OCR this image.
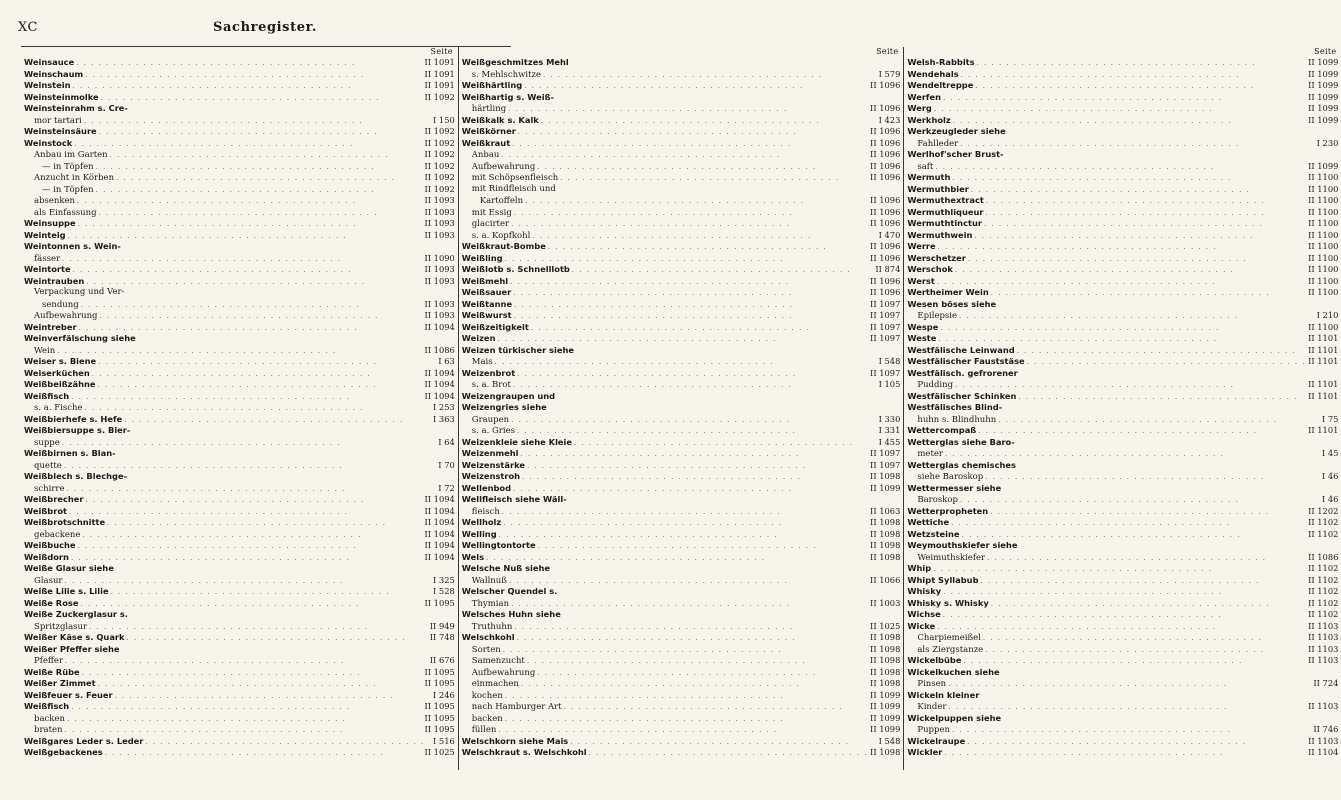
XC	Sachregister.
Seite
Weinsauce . . .	II 1091
Weinschaum . . .	II 1091
Weinstein . . .	II 1091
Weinsteinmolke . . .	II 1092
Weinsteinrahm s. Cre-
mor tartari . . .	I 150
Weinsteinsäure . . .	II 1092
Weinstock . . .	II 1092
Anbau im Garten . . .	II 1092
— in Töpfen . . .	II 1092
Anzucht in Körben . . .	II 1092
— in Töpfen . . .	II 1092
absenken . . .	II 1093
als Einfassung . . .	II 1093
Weinsuppe . . .	II 1093
Weinteig . . .	II 1093
Weintonnen s. Wein-
fässer . . .	II 1090
Weintorte . . .	II 1093
Weintrauben . . .	II 1093
Verpackung und Ver-
sendung . . .	II 1093
Aufbewahrung . . .	II 1093
Weintreber . . .	II 1094
Weinverfälschung siehe
Wein . . .	II 1086
Weiser s. Biene . . .	I 63
Weiserküchen . . .	II 1094
Weißbeißzähne . . .	II 1094
Weißfisch . . .	II 1094
s. a. Fische . . .	I 253
Weißbierhefe s. Hefe . . .	I 363
Weißbiersuppe s. Bier-
suppe . . .	I 64
Weißbirnen s. Blan-
quette . . .	I 70
Weißblech s. Blechge-
schirre . . .	I 72
Weißbrecher . . .	II 1094
Weißbrot . . .	II 1094
Weißbrotschnitte . . .	II 1094
gebackene . . .	II 1094
Weißbuche . . .	II 1094
Weißdorn . . .	II 1094
Weiße Glasur siehe
Glasur . . .	I 325
Weiße Lilie s. Lilie . . .	I 528
Weiße Rose . . .	II 1095
Weiße Zuckerglasur s.
Spritzglasur . . .	II 949
Weißer Käse s. Quark . . .	II 748
Weißer Pfeffer siehe
Pfeffer . . .	II 676
Weiße Rübe . . .	II 1095
Weißer Zimmet . . .	II 1095
Weißfeuer s. Feuer . . .	I 246
Weißfisch . . .	II 1095
backen . . .	II 1095
braten . . .	II 1095
Weißgares Leder s. Leder . . .	I 516
Weißgebackenes . . .	II 1025
Seite
Weißgeschmitzes Mehl
s. Mehlschwitze . . .	I 579
Weißhärtling . . .	II 1096
Weißhartig s. Weiß-
härtling . . .	II 1096
Weißkalk s. Kalk . . .	I 423
Weißkörner . . .	II 1096
Weißkraut . . .	II 1096
Anbau . . .	II 1096
Aufbewahrung . . .	II 1096
mit Schöpsenfleisch . . .	II 1096
mit Rindfleisch und
Kartoffeln . . .	II 1096
mit Essig . . .	II 1096
glacirter . . .	II 1096
s. a. Kopfkohl . . .	I 470
Weißkraut-Bombe . . .	II 1096
Weißling . . .	II 1096
Weißlotb s. Schnelllotb . . .	II 874
Weißmehl . . .	II 1096
Weißsauer . . .	II 1096
Weißtanne . . .	II 1097
Weißwurst . . .	II 1097
Weißzeitigkeit . . .	II 1097
Weizen . . .	II 1097
Weizen türkischer siehe
Mais . . .	I 548
Weizenbrot . . .	II 1097
s. a. Brot . . .	I 105
Weizengraupen und
Weizengries siehe
Graupen . . .	I 330
s. a. Gries . . .	I 331
Weizenkleie siehe Kleie . . .	I 455
Weizenmehl . . .	II 1097
Weizenstärke . . .	II 1097
Weizenstroh . . .	II 1098
Wellenbod . . .	II 1099
Wellfleisch siehe Wäll-
fleisch . . .	II 1063
Wellholz . . .	II 1098
Welling . . .	II 1098
Wellingtontorte . . .	II 1098
Wels . . .	II 1098
Welsche Nuß siehe
Wallnuß . . .	II 1066
Welscher Quendel s.
Thymian . . .	II 1003
Welsches Huhn siehe
Truthuhn . . .	II 1025
Welschkohl . . .	II 1098
Sorten . . .	II 1098
Samenzucht . . .	II 1098
Aufbewahrung . . .	II 1098
einmachen . . .	II 1098
kochen . . .	II 1099
nach Hamburger Art . . .	II 1099
backen . . .	II 1099
füllen . . .	II 1099
Welschkorn siehe Mais . . .	I 548
Welschkraut s. Welschkohl . . .	II 1098
Seite
Welsh-Rabbits . . .	II 1099
Wendehals . . .	II 1099
Wendeltreppe . . .	II 1099
Werfen . . .	II 1099
Werg . . .	II 1099
Werkholz . . .	II 1099
Werkzeugleder siehe
Fahlleder . . .	I 230
Werlhof'scher Brust-
saft . . .	II 1099
Wermuth . . .	II 1100
Wermuthbier . . .	II 1100
Wermuthextract . . .	II 1100
Wermuthliqueur . . .	II 1100
Wermuthtinctur . . .	II 1100
Wermuthwein . . .	II 1100
Werre . . .	II 1100
Werschetzer . . .	II 1100
Werschok . . .	II 1100
Werst . . .	II 1100
Wertheimer Wein . . .	II 1100
Wesen böses siehe
Epilepsie . . .	I 210
Wespe . . .	II 1100
Weste . . .	II 1101
Westfälische Leinwand . . .	II 1101
Westfälischer Fauststäse . . .	II 1101
Westfälisch. gefrorener
Pudding . . .	II 1101
Westfälischer Schinken . . .	II 1101
Westfälisches Blind-
huhn s. Blindhuhn . . .	I 75
Wettercompaß . . .	II 1101
Wetterglas siehe Baro-
meter . . .	I 45
Wetterglas chemisches
siehe Baroskop . . .	I 46
Wettermesser siehe
Baroskop . . .	I 46
Wetterpropheten . . .	II 1202
Wettiche . . .	II 1102
Wetzsteine . . .	II 1102
Weymouthskiefer siehe
Weimuthskiefer . . .	II 1086
Whip . . .	II 1102
Whipt Syllabub . . .	II 1102
Whisky . . .	II 1102
Whisky s. Whisky . . .	II 1102
Wichse . . .	II 1102
Wicke . . .	II 1103
Charpiemeißel . . .	II 1103
als Ziergstanze . . .	II 1103
Wickelbübe . . .	II 1103
Wickelkuchen siehe
Pinsen . . .	II 724
Wickeln kleiner
Kinder . . .	II 1103
Wickelpuppen siehe
Puppen . . .	II 746
Wickelraupe . . .	II 1103
Wickler . . .	II 1104
